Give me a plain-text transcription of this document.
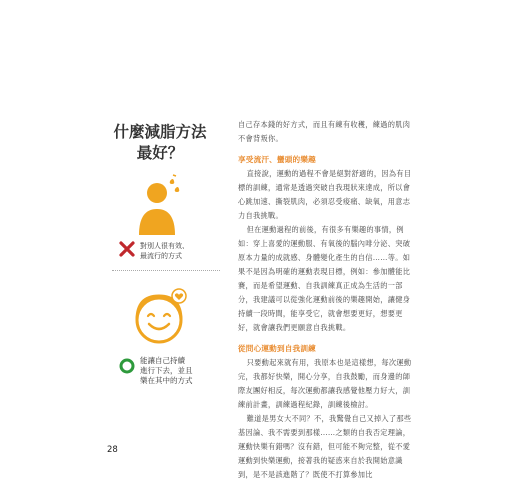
什麼減脂方法
最好？
對別人很有效、
最流行的方式
能讓自己持續
進行下去，並且
樂在其中的方式

自己存本錢的好方式，而且有練有收穫，練過的肌肉不會背叛你。

享受流汗、蠻頭的樂趣

直接說，運動的過程不會是絕對舒適的，因為有目標的訓練，通常是透過突破自我現狀來達成，所以會心跳加速、撕裂肌肉，必須忍受痠痛、缺氧，用意志力自我挑戰。

但在運動過程的前後，有很多有樂趣的事情，例如：穿上喜愛的運動服、有氧後的腦內啡分泌、突破原本力量的成就感、身體變化產生的自信……等。如果不是因為明確的運動表現目標，例如：參加體能比賽，而是希望運動、自我訓練真正成為生活的一部分，我建議可以從強化運動前後的樂趣開始，讓健身持續一段時間，能享受它，就會想要更好，想要更好，就會讓我們更願意自我挑戰。

從問心運動到自我訓練

只要動起來就有用，我原本也是這樣想，每次運動完，我都好快樂，開心分享，自我鼓勵，而身邊的師際友團好相反，每次運動都讓我感覺他壓力好大，訓練前計畫，訓練過程紀錄，訓練後檢討。

難道是男女大不同？不，我驚覺自己又掉入了那些基因論、我不需要到那樣……之類的自我否定理論，運動快樂有錯嗎？沒有錯，但可能不夠完整，從不愛運動到快樂運動，接著我的疑惑來自於我開始意識到，是不是該進階了？既使不打算參加比

28
